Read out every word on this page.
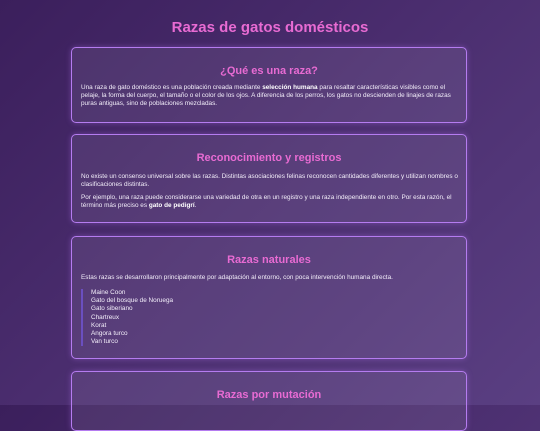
Razas de gatos domésticos
¿Qué es una raza?

Una raza de gato doméstico es una población creada mediante selección humana para resaltar características visibles como el pelaje, la forma del cuerpo, el tamaño o el color de los ojos. A diferencia de los perros, los gatos no descienden de linajes de razas puras antiguas, sino de poblaciones mezcladas.

Reconocimiento y registros

No existe un consenso universal sobre las razas. Distintas asociaciones felinas reconocen cantidades diferentes y utilizan nombres o clasificaciones distintas.

Por ejemplo, una raza puede considerarse una variedad de otra en un registro y una raza independiente en otro. Por esta razón, el término más preciso es gato de pedigrí.

Razas naturales

Estas razas se desarrollaron principalmente por adaptación al entorno, con poca intervención humana directa.

Maine Coon
Gato del bosque de Noruega
Gato siberiano
Chartreux
Korat
Angora turco
Van turco
Razas por mutación
